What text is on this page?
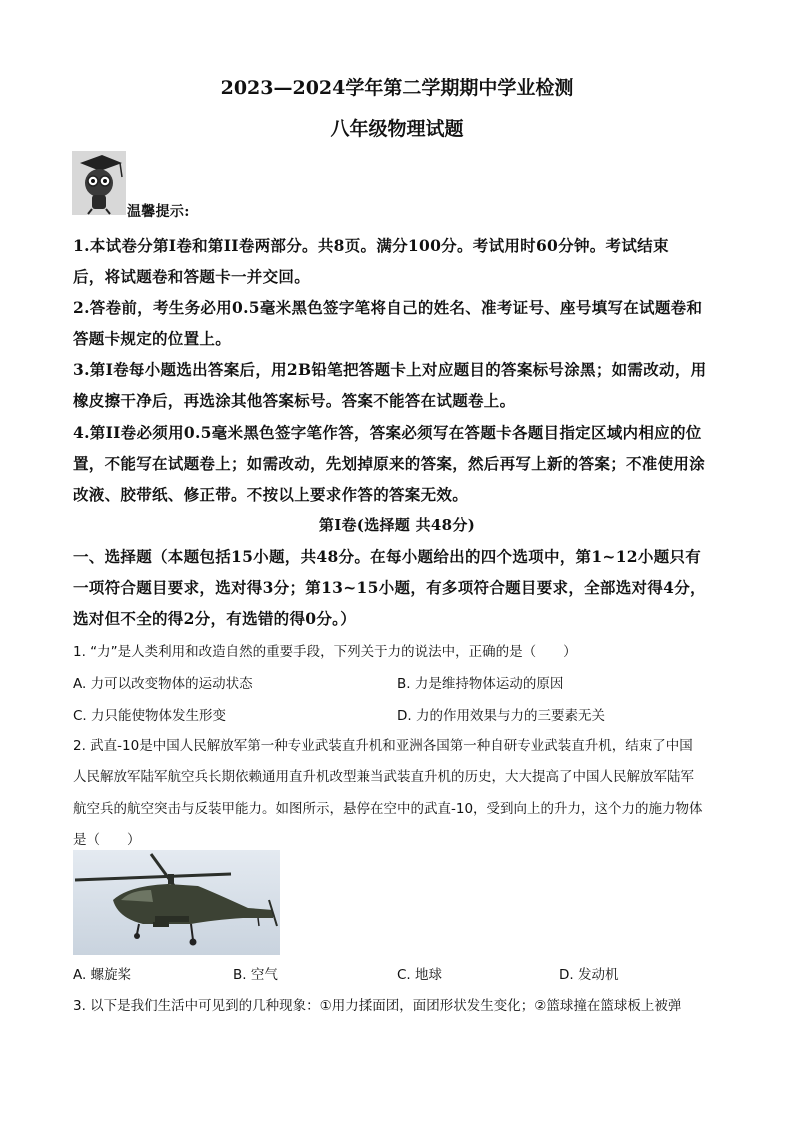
2023—2024学年第二学期期中学业检测
八年级物理试题
温馨提示:
1.本试卷分第I卷和第II卷两部分。共8页。满分100分。考试用时60分钟。考试结束
后，将试题卷和答题卡一并交回。
2.答卷前，考生务必用0.5毫米黑色签字笔将自己的姓名、准考证号、座号填写在试题卷和
答题卡规定的位置上。
3.第I卷每小题选出答案后，用2B铅笔把答题卡上对应题目的答案标号涂黑；如需改动，用
橡皮擦干净后，再选涂其他答案标号。答案不能答在试题卷上。
4.第II卷必须用0.5毫米黑色签字笔作答，答案必须写在答题卡各题目指定区域内相应的位
置，不能写在试题卷上；如需改动，先划掉原来的答案，然后再写上新的答案；不准使用涂
改液、胶带纸、修正带。不按以上要求作答的答案无效。
第I卷(选择题 共48分)
一、选择题（本题包括15小题，共48分。在每小题给出的四个选项中，第1~12小题只有
一项符合题目要求，选对得3分；第13~15小题，有多项符合题目要求，全部选对得4分，
选对但不全的得2分，有选错的得0分。）
1. “力”是人类利用和改造自然的重要手段，下列关于力的说法中，正确的是（　　）
A. 力可以改变物体的运动状态	B. 力是维持物体运动的原因
C. 力只能使物体发生形变	D. 力的作用效果与力的三要素无关
2. 武直-10是中国人民解放军第一种专业武装直升机和亚洲各国第一种自研专业武装直升机，结束了中国
人民解放军陆军航空兵长期依赖通用直升机改型兼当武装直升机的历史，大大提高了中国人民解放军陆军
航空兵的航空突击与反装甲能力。如图所示，悬停在空中的武直-10，受到向上的升力，这个力的施力物体
是（　　）
A. 螺旋桨	B. 空气	C. 地球	D. 发动机
3. 以下是我们生活中可见到的几种现象：①用力揉面团，面团形状发生变化；②篮球撞在篮球板上被弹
